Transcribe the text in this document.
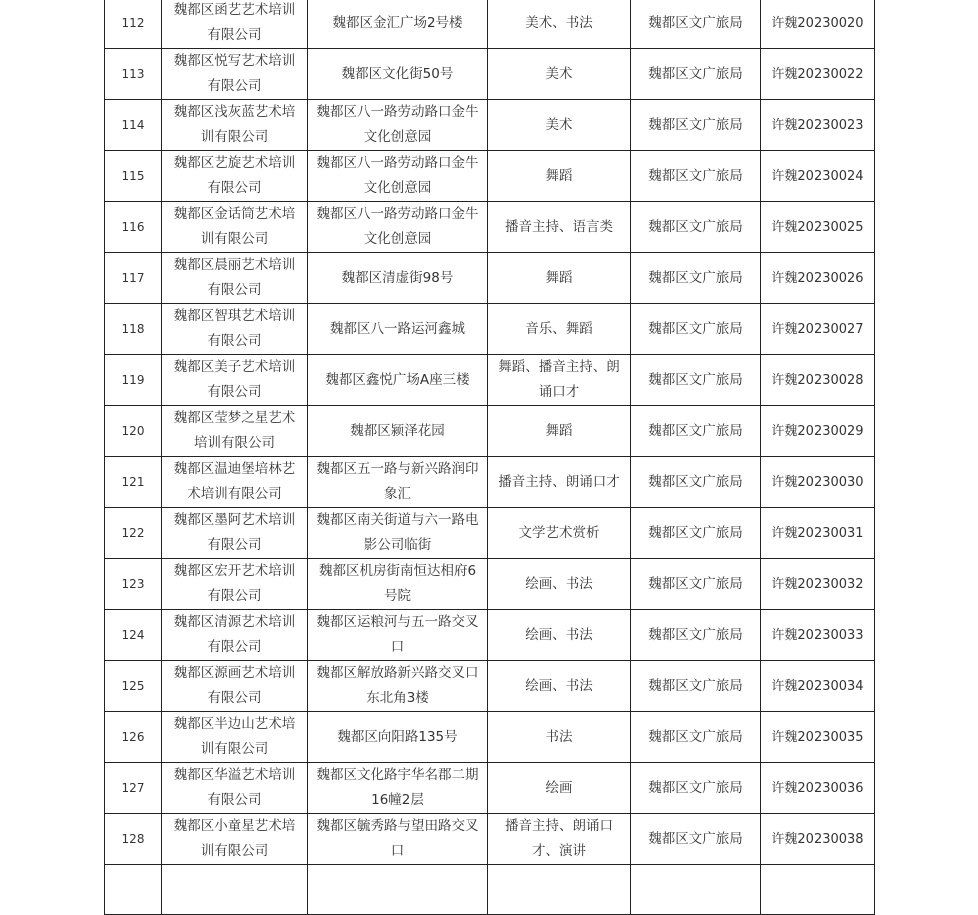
112	魏都区函艺艺术培训有限公司	魏都区金汇广场2号楼	美术、书法	魏都区文广旅局	许魏20230020
113	魏都区悦写艺术培训有限公司	魏都区文化街50号	美术	魏都区文广旅局	许魏20230022
114	魏都区浅灰蓝艺术培训有限公司	魏都区八一路劳动路口金牛文化创意园	美术	魏都区文广旅局	许魏20230023
115	魏都区艺旋艺术培训有限公司	魏都区八一路劳动路口金牛文化创意园	舞蹈	魏都区文广旅局	许魏20230024
116	魏都区金话筒艺术培训有限公司	魏都区八一路劳动路口金牛文化创意园	播音主持、语言类	魏都区文广旅局	许魏20230025
117	魏都区晨丽艺术培训有限公司	魏都区清虚街98号	舞蹈	魏都区文广旅局	许魏20230026
118	魏都区智琪艺术培训有限公司	魏都区八一路运河鑫城	音乐、舞蹈	魏都区文广旅局	许魏20230027
119	魏都区美子艺术培训有限公司	魏都区鑫悦广场A座三楼	舞蹈、播音主持、朗诵口才	魏都区文广旅局	许魏20230028
120	魏都区莹梦之星艺术培训有限公司	魏都区颍泽花园	舞蹈	魏都区文广旅局	许魏20230029
121	魏都区温迪堡培林艺术培训有限公司	魏都区五一路与新兴路润印象汇	播音主持、朗诵口才	魏都区文广旅局	许魏20230030
122	魏都区墨阿艺术培训有限公司	魏都区南关街道与六一路电影公司临街	文学艺术赏析	魏都区文广旅局	许魏20230031
123	魏都区宏开艺术培训有限公司	魏都区机房街南恒达相府6号院	绘画、书法	魏都区文广旅局	许魏20230032
124	魏都区清源艺术培训有限公司	魏都区运粮河与五一路交叉口	绘画、书法	魏都区文广旅局	许魏20230033
125	魏都区源画艺术培训有限公司	魏都区解放路新兴路交叉口东北角3楼	绘画、书法	魏都区文广旅局	许魏20230034
126	魏都区半边山艺术培训有限公司	魏都区向阳路135号	书法	魏都区文广旅局	许魏20230035
127	魏都区华溢艺术培训有限公司	魏都区文化路宇华名郡二期16幢2层	绘画	魏都区文广旅局	许魏20230036
128	魏都区小童星艺术培训有限公司	魏都区毓秀路与望田路交叉口	播音主持、朗诵口才、演讲	魏都区文广旅局	许魏20230038
